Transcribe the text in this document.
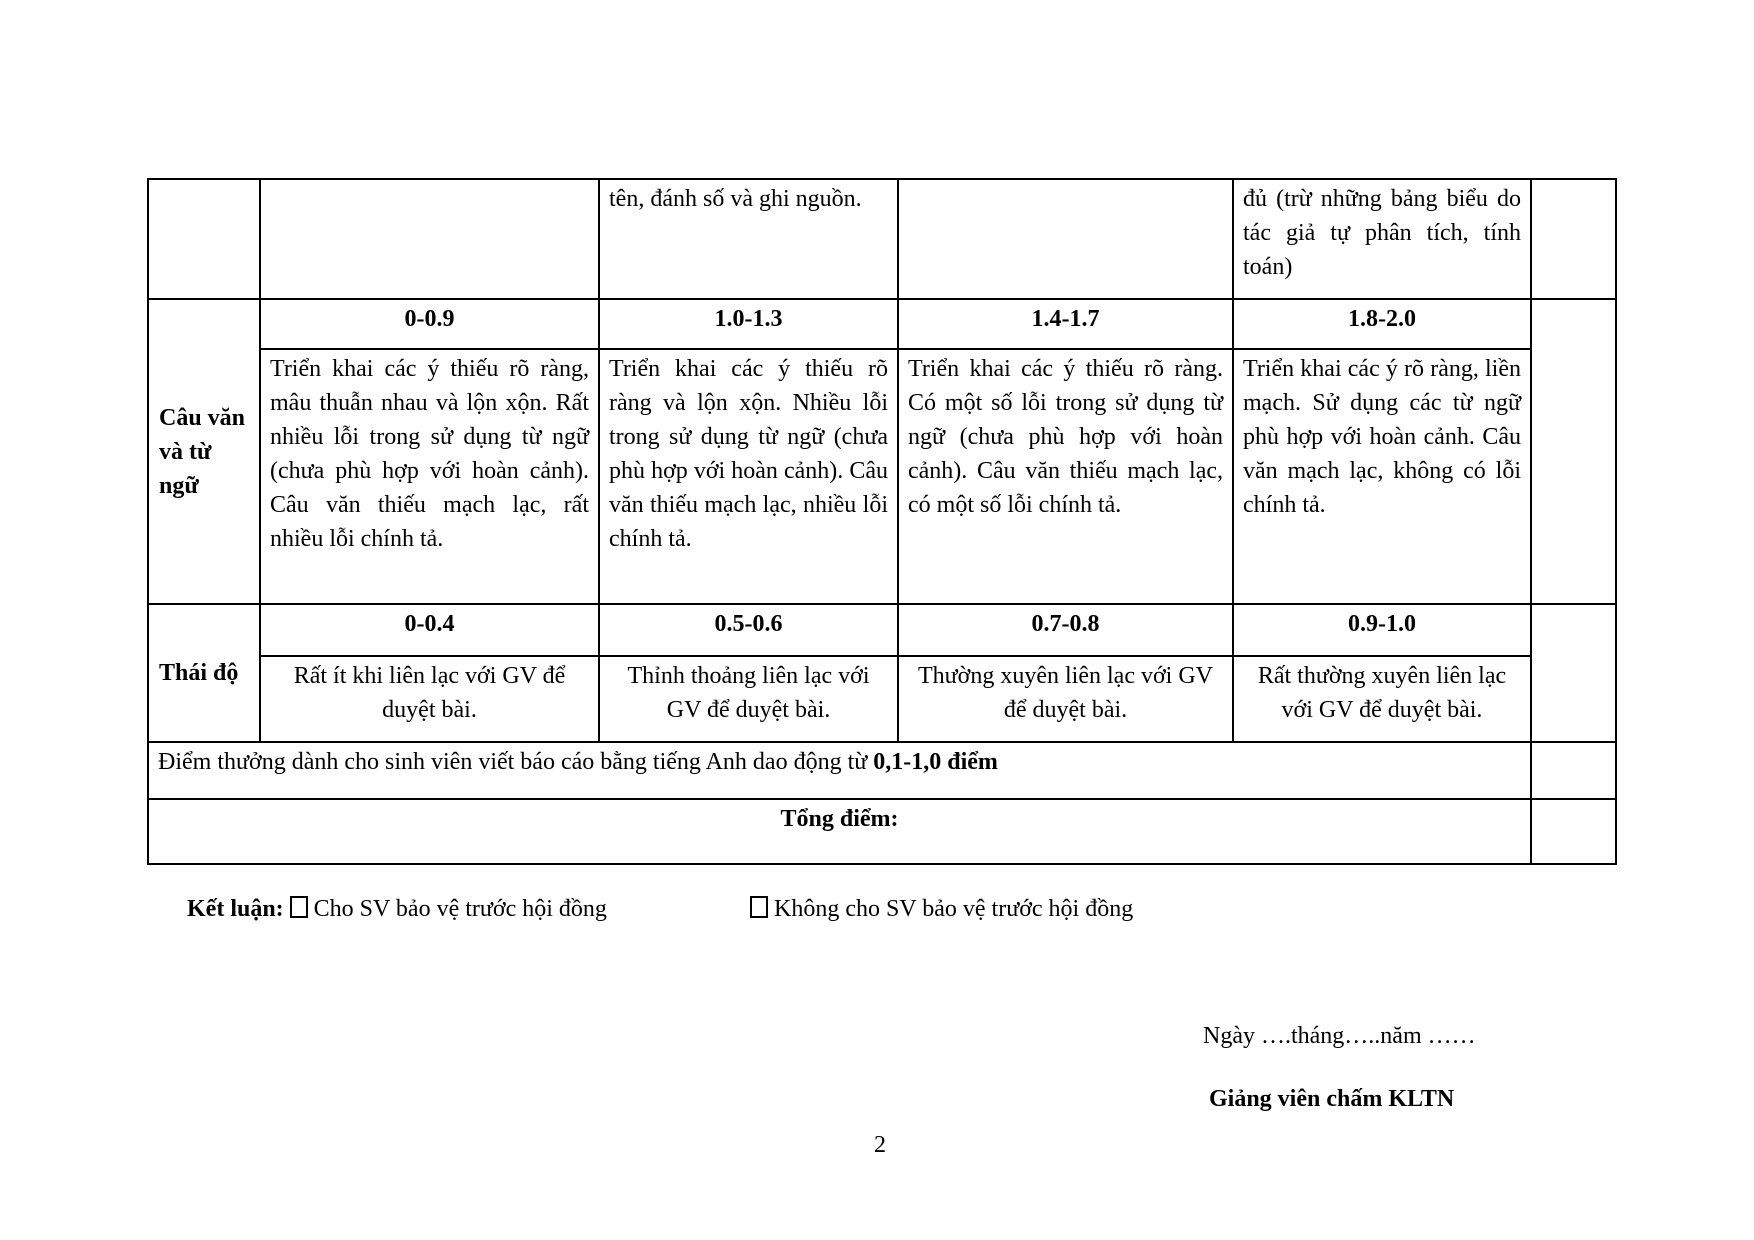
		tên, đánh số và ghi nguồn.		đủ (trừ những bảng biểu do tác giả tự phân tích, tính toán)	
Câu văn và từ ngữ	0-0.9	1.0-1.3	1.4-1.7	1.8-2.0	
	Triển khai các ý thiếu rõ ràng, mâu thuẫn nhau và lộn xộn. Rất nhiều lỗi trong sử dụng từ ngữ (chưa phù hợp với hoàn cảnh). Câu văn thiếu mạch lạc, rất nhiều lỗi chính tả.	Triển khai các ý thiếu rõ ràng và lộn xộn. Nhiều lỗi trong sử dụng từ ngữ (chưa phù hợp với hoàn cảnh). Câu văn thiếu mạch lạc, nhiều lỗi chính tả.	Triển khai các ý thiếu rõ ràng. Có một số lỗi trong sử dụng từ ngữ (chưa phù hợp với hoàn cảnh). Câu văn thiếu mạch lạc, có một số lỗi chính tả.	Triển khai các ý rõ ràng, liền mạch. Sử dụng các từ ngữ phù hợp với hoàn cảnh. Câu văn mạch lạc, không có lỗi chính tả.	
Thái độ	0-0.4	0.5-0.6	0.7-0.8	0.9-1.0	
	Rất ít khi liên lạc với GV để duyệt bài.	Thỉnh thoảng liên lạc với GV để duyệt bài.	Thường xuyên liên lạc với GV để duyệt bài.	Rất thường xuyên liên lạc với GV để duyệt bài.	
Điểm thưởng dành cho sinh viên viết báo cáo bằng tiếng Anh dao động từ 0,1-1,0 điểm					
Tổng điểm:					
Kết luận: Cho SV bảo vệ trước hội đồng	Không cho SV bảo vệ trước hội đồng
Ngày ….tháng…..năm ……
Giảng viên chấm KLTN
2
